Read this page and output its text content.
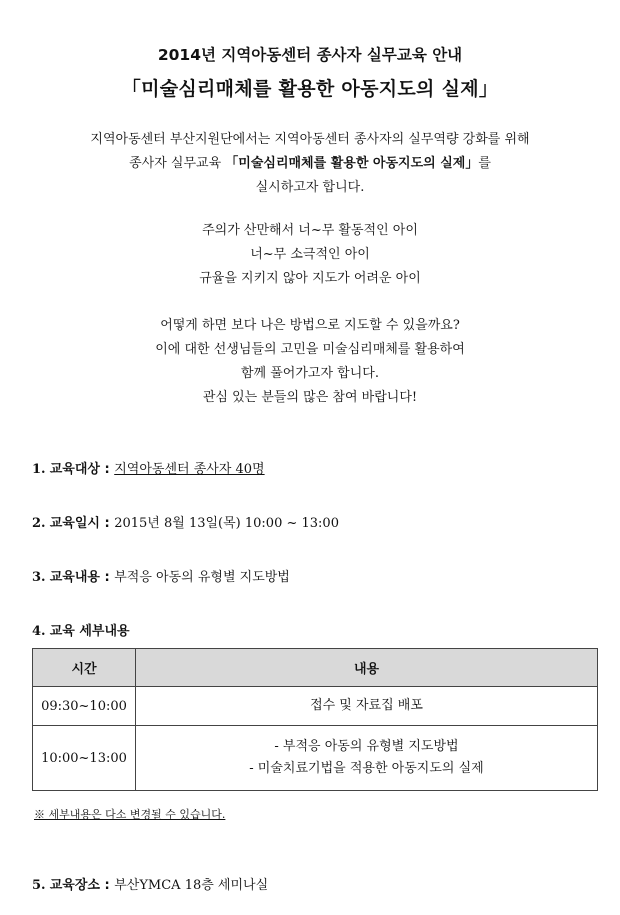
2014년 지역아동센터 종사자 실무교육 안내
「미술심리매체를 활용한 아동지도의 실제」
지역아동센터 부산지원단에서는 지역아동센터 종사자의 실무역량 강화를 위해
종사자 실무교육 「미술심리매체를 활용한 아동지도의 실제」를
실시하고자 합니다.
주의가 산만해서 너~무 활동적인 아이
너~무 소극적인 아이
규율을 지키지 않아 지도가 어려운 아이
어떻게 하면 보다 나은 방법으로 지도할 수 있을까요?
이에 대한 선생님들의 고민을 미술심리매체를 활용하여
함께 풀어가고자 합니다.
관심 있는 분들의 많은 참여 바랍니다!
1. 교육대상 : 지역아동센터 종사자 40명
2. 교육일시 : 2015년 8월 13일(목) 10:00 ~ 13:00
3. 교육내용 : 부적응 아동의 유형별 지도방법
4. 교육 세부내용
시간	내용
09:30~10:00	접수 및 자료집 배포

10:00~13:00	- 부적응 아동의 유형별 지도방법
- 미술치료기법을 적용한 아동지도의 실제
※ 세부내용은 다소 변경될 수 있습니다.
5. 교육장소 : 부산YMCA 18층 세미나실
